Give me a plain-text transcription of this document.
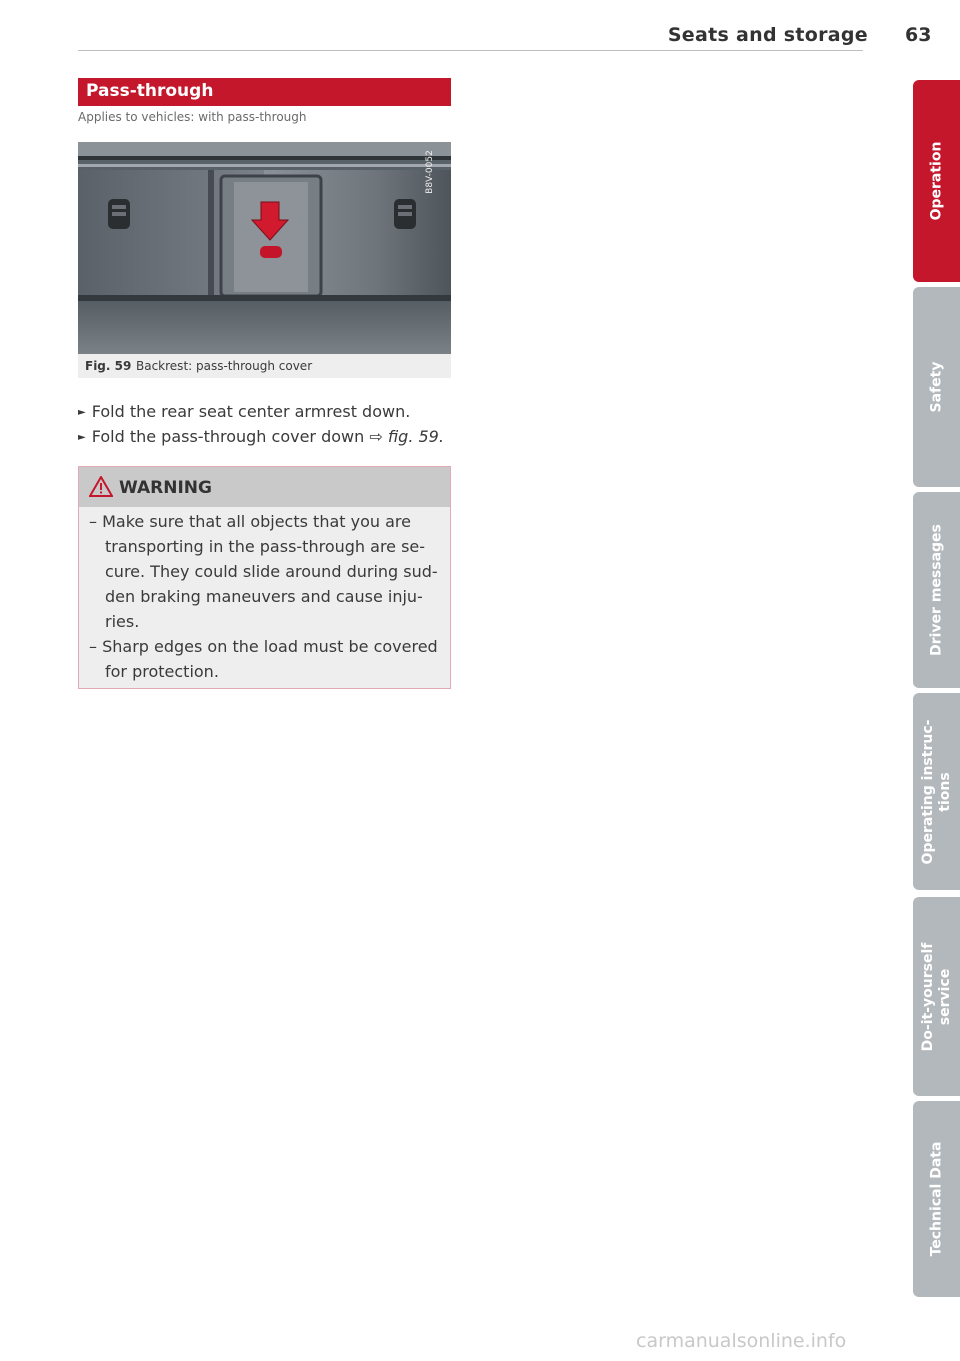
Seats and storage 63
Pass-through
Applies to vehicles: with pass-through
B8V-0052
Fig. 59 Backrest: pass-through cover
► Fold the rear seat center armrest down.
► Fold the pass-through cover down ⇨ fig. 59.
WARNING
– Make sure that all objects that you are
transporting in the pass-through are se-
cure. They could slide around during sud-
den braking maneuvers and cause inju-
ries.
– Sharp edges on the load must be covered
for protection.
Operation
Safety
Driver messages
Operating instruc-
tions
Do-it-yourself
service
Technical Data
carmanualsonline.info
